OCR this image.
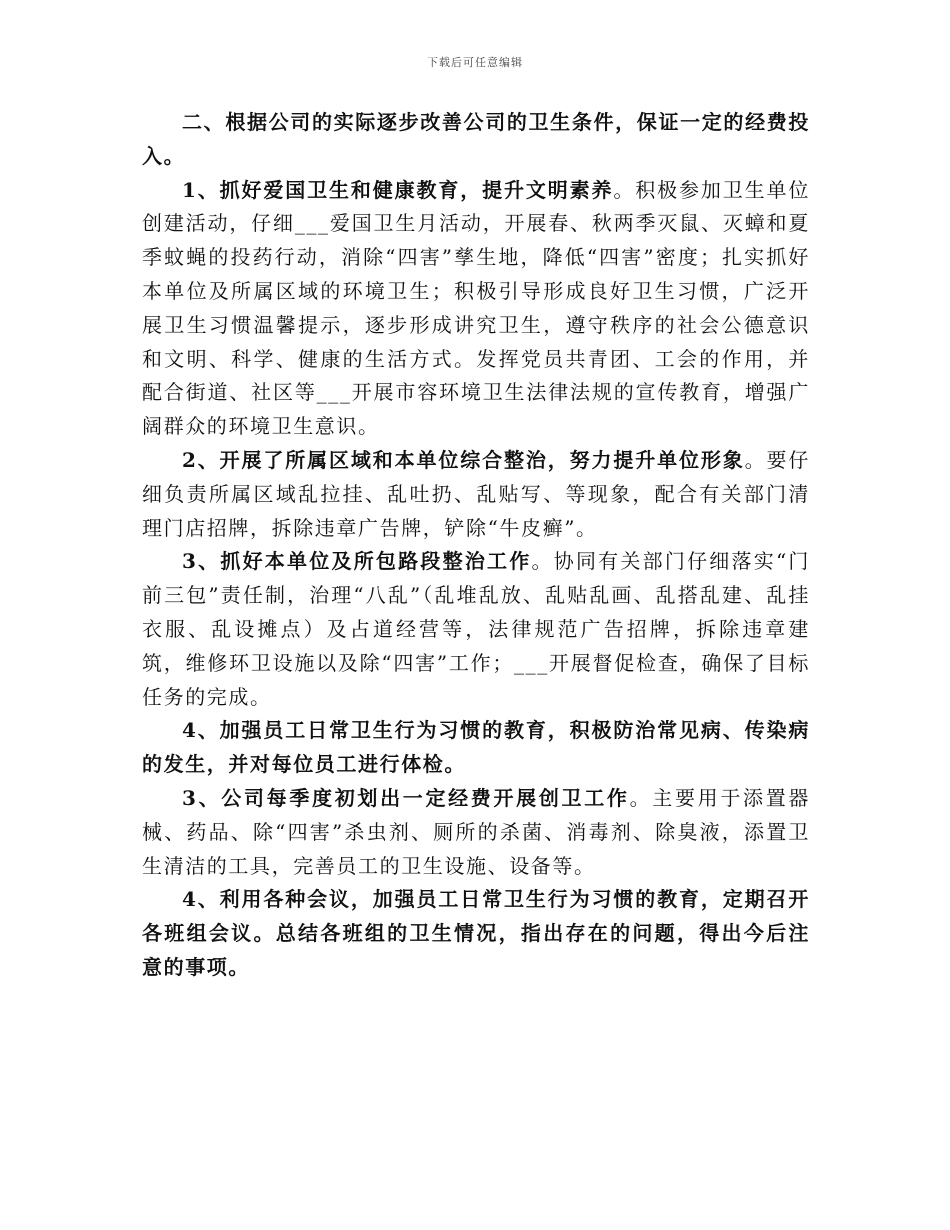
下载后可任意编辑

二、根据公司的实际逐步改善公司的卫生条件，保证一定的经费投入。

1、抓好爱国卫生和健康教育，提升文明素养。积极参加卫生单位创建活动，仔细___爱国卫生月活动，开展春、秋两季灭鼠、灭蟑和夏季蚊蝇的投药行动，消除“四害”孳生地，降低“四害”密度；扎实抓好本单位及所属区域的环境卫生；积极引导形成良好卫生习惯，广泛开展卫生习惯温馨提示，逐步形成讲究卫生，遵守秩序的社会公德意识和文明、科学、健康的生活方式。发挥党员共青团、工会的作用，并配合街道、社区等___开展市容环境卫生法律法规的宣传教育，增强广阔群众的环境卫生意识。

2、开展了所属区域和本单位综合整治，努力提升单位形象。要仔细负责所属区域乱拉挂、乱吐扔、乱贴写、等现象，配合有关部门清理门店招牌，拆除违章广告牌，铲除“牛皮癣”。

3、抓好本单位及所包路段整治工作。协同有关部门仔细落实“门前三包”责任制，治理“八乱”（乱堆乱放、乱贴乱画、乱搭乱建、乱挂衣服、乱设摊点）及占道经营等，法律规范广告招牌，拆除违章建筑，维修环卫设施以及除“四害”工作；___开展督促检查，确保了目标任务的完成。

4、加强员工日常卫生行为习惯的教育，积极防治常见病、传染病的发生，并对每位员工进行体检。

3、公司每季度初划出一定经费开展创卫工作。主要用于添置器械、药品、除“四害”杀虫剂、厕所的杀菌、消毒剂、除臭液，添置卫生清洁的工具，完善员工的卫生设施、设备等。

4、利用各种会议，加强员工日常卫生行为习惯的教育，定期召开各班组会议。总结各班组的卫生情况，指出存在的问题，得出今后注意的事项。
